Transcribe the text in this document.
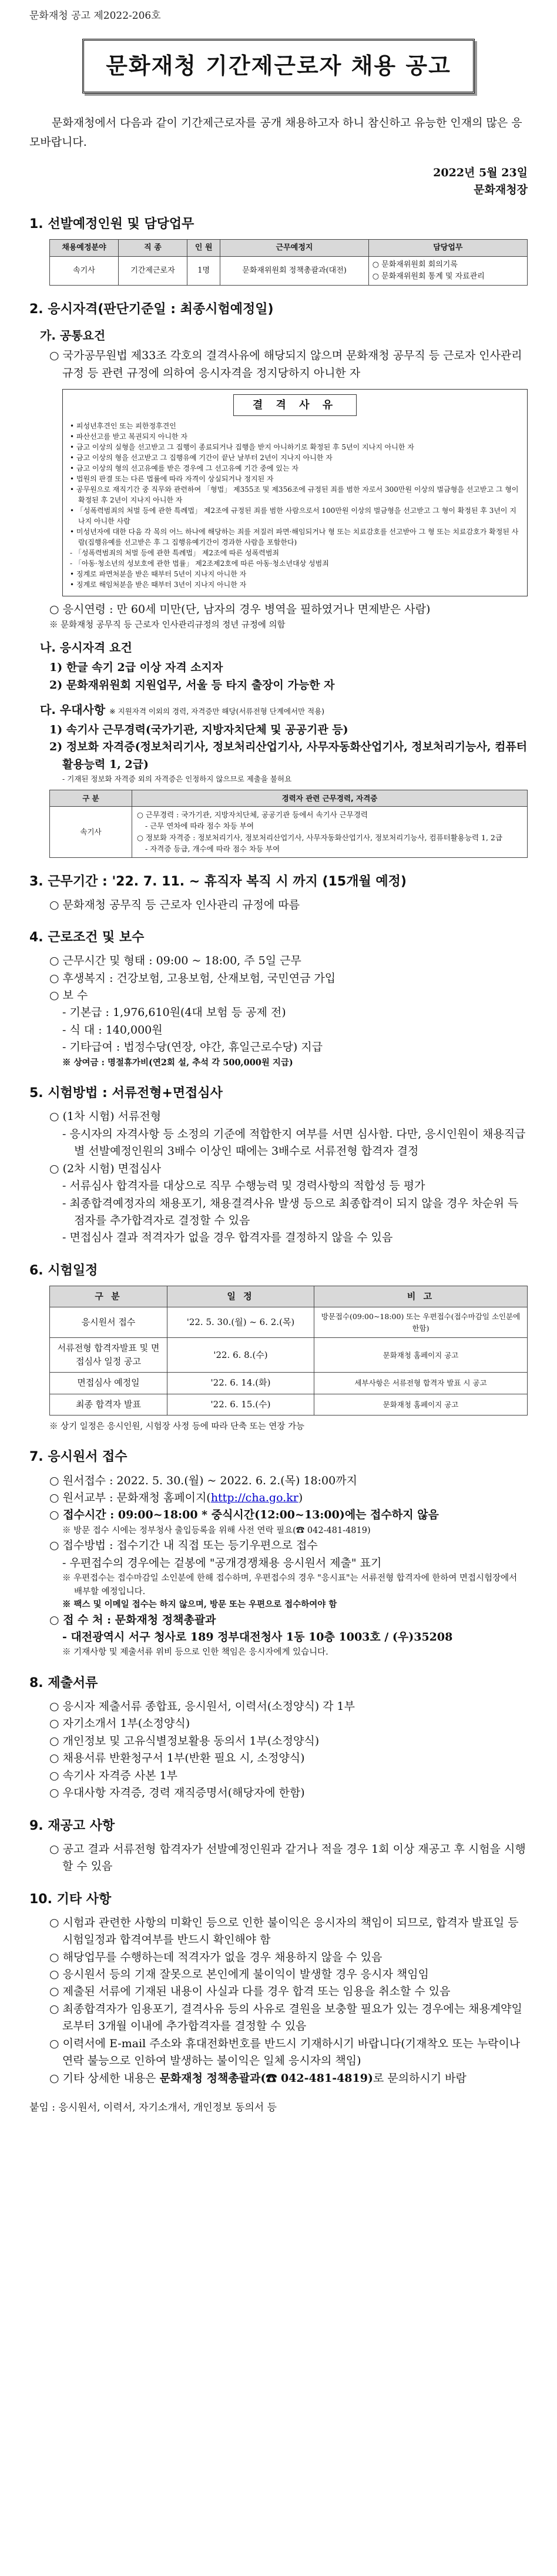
문화재청 공고 제2022-206호
문화재청 기간제근로자 채용 공고

문화재청에서 다음과 같이 기간제근로자를 공개 채용하고자 하니 참신하고 유능한 인재의 많은 응모바랍니다.

2022년 5월 23일
문화재청장
1. 선발예정인원 및 담당업무
채용예정분야	직 종	인 원	근무예정지	담당업무
속기사	기간제근로자	1명	문화재위원회 정책총괄과(대전)	○ 문화재위원회 회의기록
○ 문화재위원회 통계 및 자료관리
2. 응시자격(판단기준일 : 최종시험예정일)
가. 공통요건

○ 국가공무원법 제33조 각호의 결격사유에 해당되지 않으며 문화재청 공무직 등 근로자 인사관리규정 등 관련 규정에 의하여 응시자격을 정지당하지 아니한 자

결 격 사 유
• 피성년후견인 또는 피한정후견인
• 파산선고를 받고 복권되지 아니한 자
• 금고 이상의 실형을 선고받고 그 집행이 종료되거나 집행을 받지 아니하기로 확정된 후 5년이 지나지 아니한 자
• 금고 이상의 형을 선고받고 그 집행유예 기간이 끝난 날부터 2년이 지나지 아니한 자
• 금고 이상의 형의 선고유예를 받은 경우에 그 선고유예 기간 중에 있는 자
• 법원의 판결 또는 다른 법률에 따라 자격이 상실되거나 정지된 자
• 공무원으로 재직기간 중 직무와 관련하여 「형법」 제355조 및 제356조에 규정된 죄를 범한 자로서 300만원 이상의 벌금형을 선고받고 그 형이 확정된 후 2년이 지나지 아니한 자
• 「성폭력범죄의 처벌 등에 관한 특례법」 제2조에 규정된 죄를 범한 사람으로서 100만원 이상의 벌금형을 선고받고 그 형이 확정된 후 3년이 지나지 아니한 사람
• 미성년자에 대한 다음 각 목의 어느 하나에 해당하는 죄를 저질러 파면·해임되거나 형 또는 치료감호를 선고받아 그 형 또는 치료감호가 확정된 사람(집행유예를 선고받은 후 그 집행유예기간이 경과한 사람을 포함한다)
- 「성폭력범죄의 처벌 등에 관한 특례법」 제2조에 따른 성폭력범죄
- 「아동·청소년의 성보호에 관한 법률」 제2조제2호에 따른 아동·청소년대상 성범죄
• 징계로 파면처분을 받은 때부터 5년이 지나지 아니한 자
• 징계로 해임처분을 받은 때부터 3년이 지나지 아니한 자

○ 응시연령 : 만 60세 미만(단, 남자의 경우 병역을 필하였거나 면제받은 사람)

※ 문화재청 공무직 등 근로자 인사관리규정의 정년 규정에 의함

나. 응시자격 요건

1) 한글 속기 2급 이상 자격 소지자

2) 문화재위원회 지원업무, 서울 등 타지 출장이 가능한 자

다. 우대사항 ※ 지원자격 이외의 경력, 자격증만 해당(서류전형 단계에서만 적용)

1) 속기사 근무경력(국가기관, 지방자치단체 및 공공기관 등)

2) 정보화 자격증(정보처리기사, 정보처리산업기사, 사무자동화산업기사, 정보처리기능사, 컴퓨터활용능력 1, 2급)

- 기재된 정보화 자격증 외의 자격증은 인정하지 않으므로 제출을 불허요

구 분	경력자 관련 근무경력, 자격증
속기사	○ 근무경력 : 국가기관, 지방자치단체, 공공기관 등에서 속기사 근무경력
- 근무 연차에 따라 점수 차등 부여
○ 정보화 자격증 : 정보처리기사, 정보처리산업기사, 사무자동화산업기사, 정보처리기능사, 컴퓨터활용능력 1, 2급
- 자격증 등급, 개수에 따라 점수 차등 부여
3. 근무기간 : '22. 7. 11. ~ 휴직자 복직 시 까지 (15개월 예정)

○ 문화재청 공무직 등 근로자 인사관리 규정에 따름

4. 근로조건 및 보수

○ 근무시간 및 형태 : 09:00 ~ 18:00, 주 5일 근무

○ 후생복지 : 건강보험, 고용보험, 산재보험, 국민연금 가입

○ 보 수

- 기본급 : 1,976,610원(4대 보험 등 공제 전)

- 식 대 : 140,000원

- 기타급여 : 법정수당(연장, 야간, 휴일근로수당) 지급

※ 상여금 : 명절휴가비(연2회 설, 추석 각 500,000원 지급)

5. 시험방법 : 서류전형+면접심사

○ (1차 시험) 서류전형

- 응시자의 자격사항 등 소정의 기준에 적합한지 여부를 서면 심사함. 다만, 응시인원이 채용직급별 선발예정인원의 3배수 이상인 때에는 3배수로 서류전형 합격자 결정

○ (2차 시험) 면접심사

- 서류심사 합격자를 대상으로 직무 수행능력 및 경력사항의 적합성 등 평가

- 최종합격예정자의 채용포기, 채용결격사유 발생 등으로 최종합격이 되지 않을 경우 차순위 득점자를 추가합격자로 결정할 수 있음

- 면접심사 결과 적격자가 없을 경우 합격자를 결정하지 않을 수 있음

6. 시험일정
구 분	일 정	비 고
응시원서 접수	'22. 5. 30.(월) ~ 6. 2.(목)	방문접수(09:00~18:00) 또는 우편접수(접수마감일 소인분에 한함)
서류전형 합격자발표 및 면접심사 일정 공고	'22. 6. 8.(수)	문화재청 홈페이지 공고
면접심사 예정일	'22. 6. 14.(화)	세부사항은 서류전형 합격자 발표 시 공고
최종 합격자 발표	'22. 6. 15.(수)	문화재청 홈페이지 공고

※ 상기 일정은 응시인원, 시험장 사정 등에 따라 단축 또는 연장 가능

7. 응시원서 접수

○ 원서접수 : 2022. 5. 30.(월) ~ 2022. 6. 2.(목) 18:00까지

○ 원서교부 : 문화재청 홈페이지(http://cha.go.kr)

○ 접수시간 : 09:00~18:00 * 중식시간(12:00~13:00)에는 접수하지 않음

※ 방문 접수 시에는 정부청사 출입등록을 위해 사전 연락 필요(☎ 042-481-4819)

○ 접수방법 : 접수기간 내 직접 또는 등기우편으로 접수

- 우편접수의 경우에는 겉봉에 "공개경쟁채용 응시원서 제출" 표기

※ 우편접수는 접수마감일 소인분에 한해 접수하며, 우편접수의 경우 "응시표"는 서류전형 합격자에 한하여 면접시험장에서 배부할 예정입니다.

※ 팩스 및 이메일 접수는 하지 않으며, 방문 또는 우편으로 접수하여야 함

○ 접 수 처 : 문화재청 정책총괄과

- 대전광역시 서구 청사로 189 정부대전청사 1동 10층 1003호 / (우)35208

※ 기재사항 및 제출서류 위비 등으로 인한 책임은 응시자에게 있습니다.

8. 제출서류

○ 응시자 제출서류 종합표, 응시원서, 이력서(소정양식) 각 1부

○ 자기소개서 1부(소정양식)

○ 개인정보 및 고유식별정보활용 동의서 1부(소정양식)

○ 채용서류 반환청구서 1부(반환 필요 시, 소정양식)

○ 속기사 자격증 사본 1부

○ 우대사항 자격증, 경력 재직증명서(해당자에 한함)

9. 재공고 사항

○ 공고 결과 서류전형 합격자가 선발예정인원과 같거나 적을 경우 1회 이상 재공고 후 시험을 시행할 수 있음

10. 기타 사항

○ 시험과 관련한 사항의 미확인 등으로 인한 불이익은 응시자의 책임이 되므로, 합격자 발표일 등 시험일정과 합격여부를 반드시 확인해야 함

○ 해당업무를 수행하는데 적격자가 없을 경우 채용하지 않을 수 있음

○ 응시원서 등의 기재 잘못으로 본인에게 불이익이 발생할 경우 응시자 책임임

○ 제출된 서류에 기재된 내용이 사실과 다를 경우 합격 또는 임용을 취소할 수 있음

○ 최종합격자가 임용포기, 결격사유 등의 사유로 결원을 보충할 필요가 있는 경우에는 채용계약일로부터 3개월 이내에 추가합격자를 결정할 수 있음

○ 이력서에 E-mail 주소와 휴대전화번호를 반드시 기재하시기 바랍니다(기재착오 또는 누락이나 연락 불능으로 인하여 발생하는 불이익은 일체 응시자의 책임)

○ 기타 상세한 내용은 문화재청 정책총괄과(☎ 042-481-4819)로 문의하시기 바람

붙임 : 응시원서, 이력서, 자기소개서, 개인정보 동의서 등
